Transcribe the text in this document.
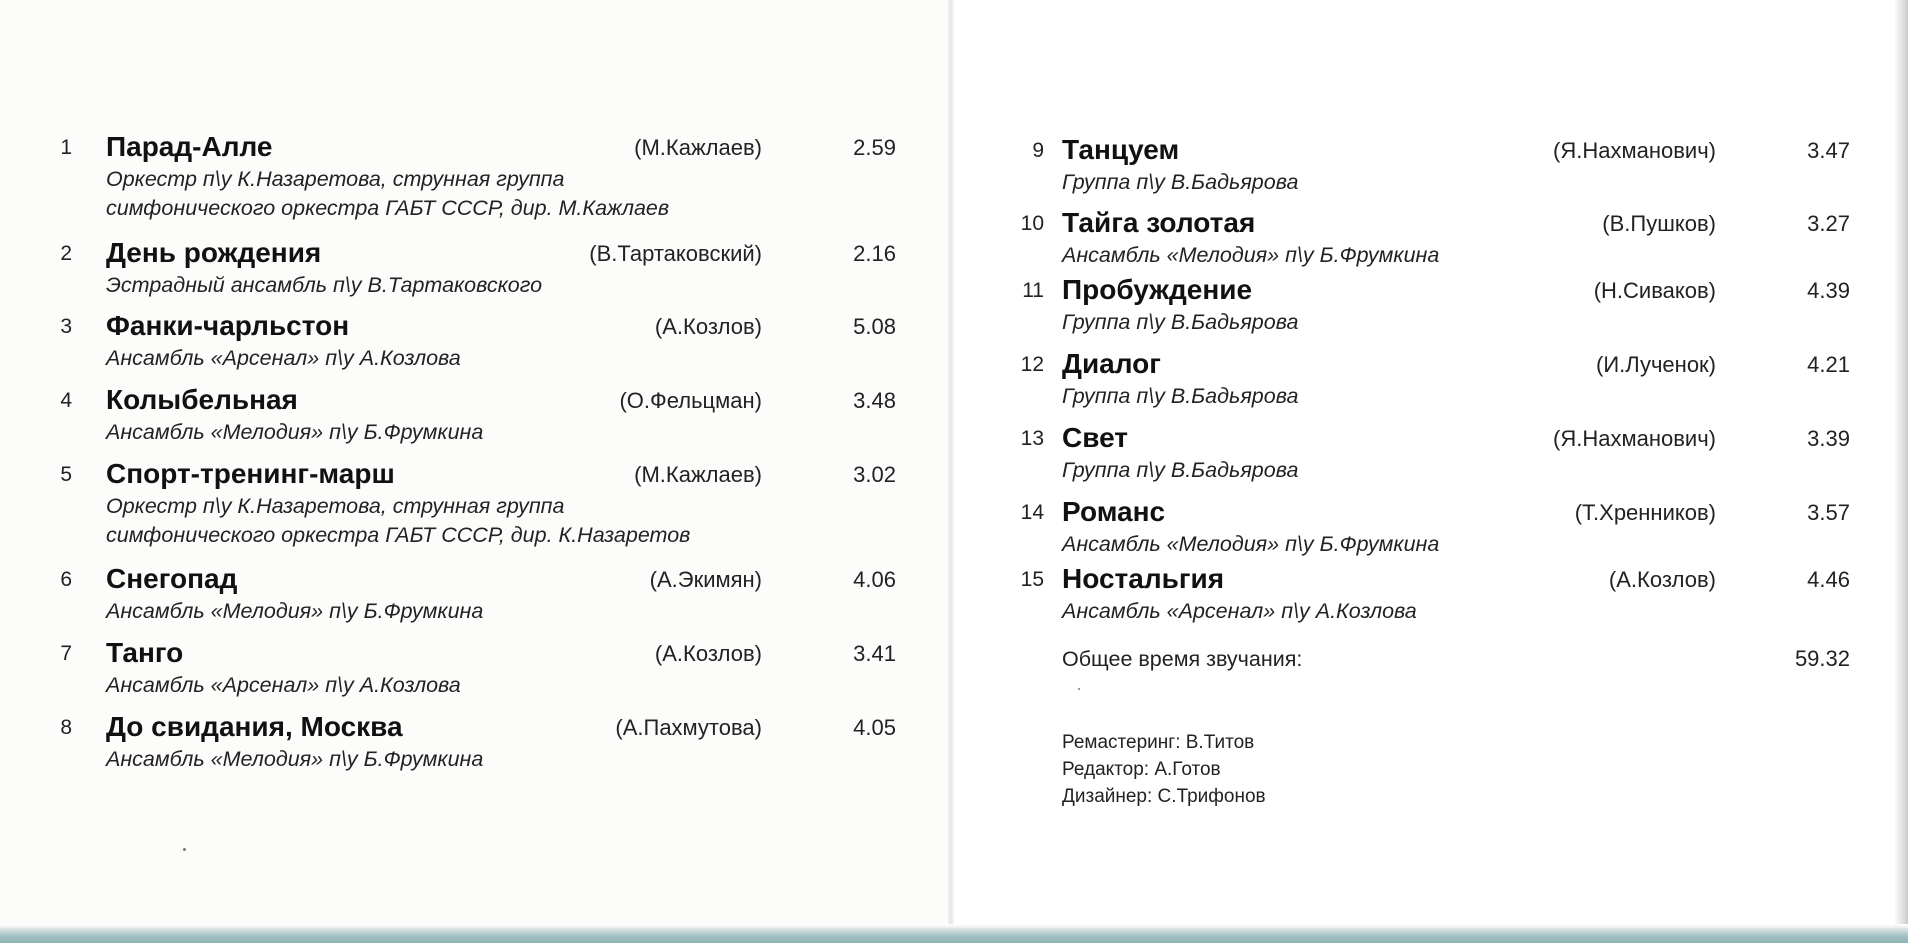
1 Парад-Алле	(М.Кажлаев)	2.59
Оркестр п\у К.Назаретова, струнная группа
симфонического оркестра ГАБТ СССР, дир. М.Кажлаев
2 День рождения	(В.Тартаковский)	2.16
Эстрадный ансамбль п\у В.Тартаковского
3 Фанки-чарльстон	(А.Козлов)	5.08
Ансамбль «Арсенал» п\у А.Козлова
4 Колыбельная	(О.Фельцман)	3.48
Ансамбль «Мелодия» п\у Б.Фрумкина
5 Спорт-тренинг-марш	(М.Кажлаев)	3.02
Оркестр п\у К.Назаретова, струнная группа
симфонического оркестра ГАБТ СССР, дир. К.Назаретов
6 Снегопад	(А.Экимян)	4.06
Ансамбль «Мелодия» п\у Б.Фрумкина
7 Танго	(А.Козлов)	3.41
Ансамбль «Арсенал» п\у А.Козлова
8 До свидания, Москва	(А.Пахмутова)	4.05
Ансамбль «Мелодия» п\у Б.Фрумкина
9 Танцуем	(Я.Нахманович)	3.47
Группа п\у В.Бадьярова
10 Тайга золотая	(В.Пушков)	3.27
Ансамбль «Мелодия» п\у Б.Фрумкина
11 Пробуждение	(Н.Сиваков)	4.39
Группа п\у В.Бадьярова
12 Диалог	(И.Лученок)	4.21
Группа п\у В.Бадьярова
13 Свет	(Я.Нахманович)	3.39
Группа п\у В.Бадьярова
14 Романс	(Т.Хренников)	3.57
Ансамбль «Мелодия» п\у Б.Фрумкина
15 Ностальгия	(А.Козлов)	4.46
Ансамбль «Арсенал» п\у А.Козлова
Общее время звучания:	59.32
Ремастеринг: В.Титов
Редактор: А.Готов
Дизайнер: С.Трифонов
